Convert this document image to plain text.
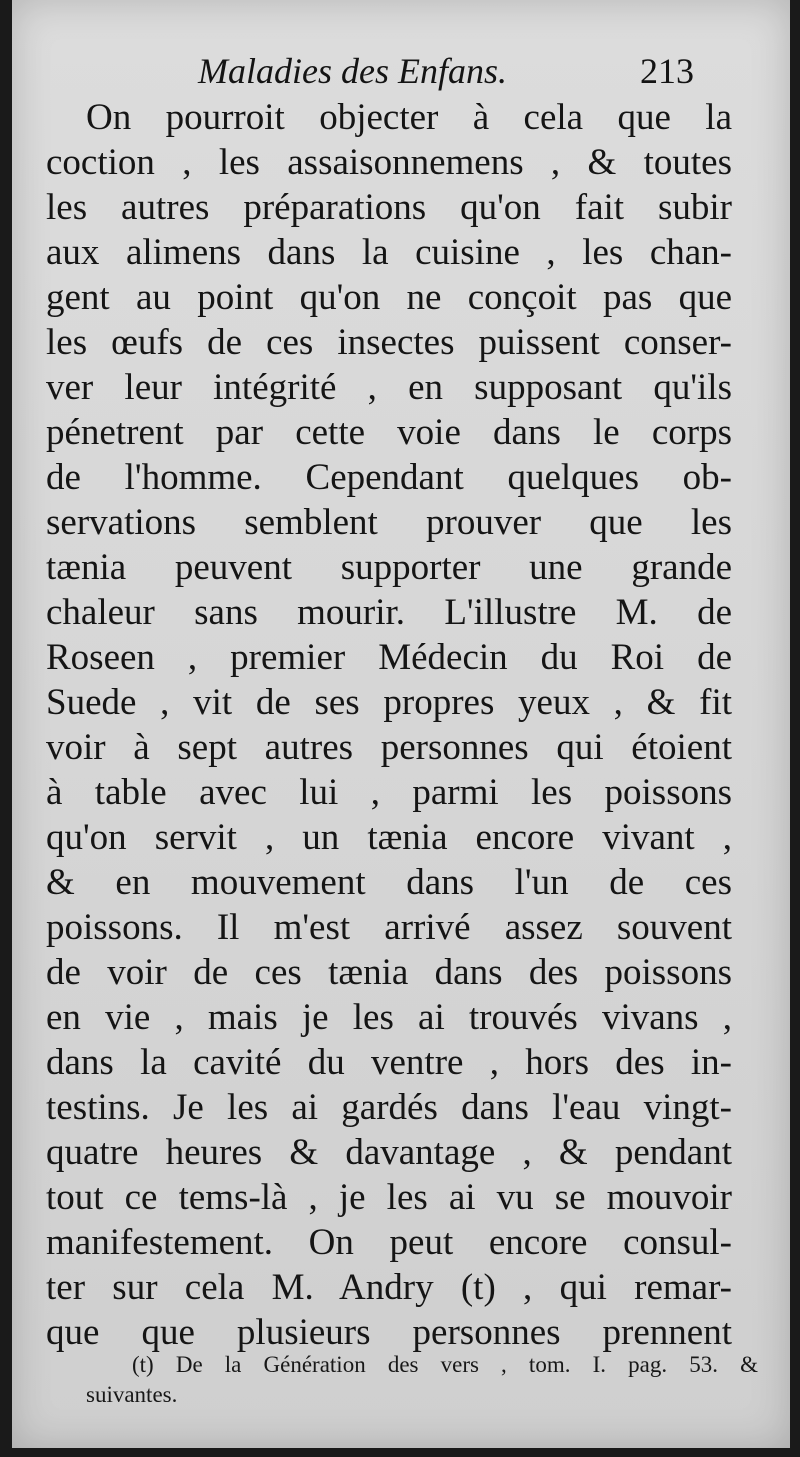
Maladies des Enfans.	213
On pourroit objecter à cela que la
coction , les assaisonnemens , & toutes
les autres préparations qu'on fait subir
aux alimens dans la cuisine , les chan-
gent au point qu'on ne conçoit pas que
les œufs de ces insectes puissent conser-
ver leur intégrité , en supposant qu'ils
pénetrent par cette voie dans le corps
de l'homme. Cependant quelques ob-
servations semblent prouver que les
tænia peuvent supporter une grande
chaleur sans mourir. L'illustre M. de
Roseen , premier Médecin du Roi de
Suede , vit de ses propres yeux , & fit
voir à sept autres personnes qui étoient
à table avec lui , parmi les poissons
qu'on servit , un tænia encore vivant ,
& en mouvement dans l'un de ces
poissons. Il m'est arrivé assez souvent
de voir de ces tænia dans des poissons
en vie , mais je les ai trouvés vivans ,
dans la cavité du ventre , hors des in-
testins. Je les ai gardés dans l'eau vingt-
quatre heures & davantage , & pendant
tout ce tems-là , je les ai vu se mouvoir
manifestement. On peut encore consul-
ter sur cela M. Andry (t) , qui remar-
que que plusieurs personnes prennent
(t) De la Génération des vers , tom. I. pag. 53. &
suivantes.
